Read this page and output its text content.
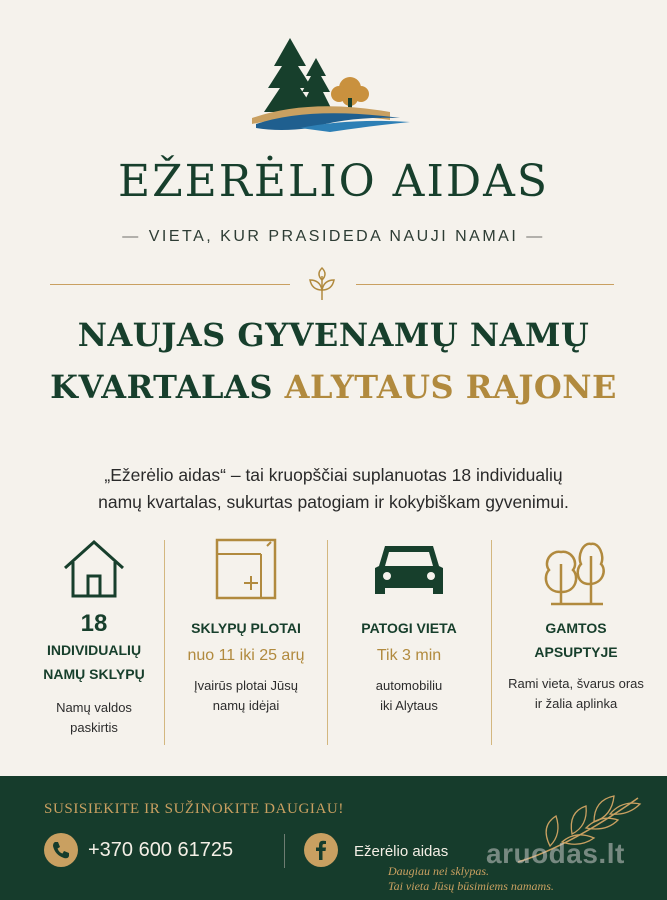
EŽERĖLIO AIDAS
— VIETA, KUR PRASIDEDA NAUJI NAMAI —
NAUJAS GYVENAMŲ NAMŲ
KVARTALAS ALYTAUS RAJONE
„Ežerėlio aidas“ – tai kruopščiai suplanuotas 18 individualių
namų kvartalas, sukurtas patogiam ir kokybiškam gyvenimui.
18
INDIVIDUALIŲ
NAMŲ SKLYPŲ
Namų valdos
paskirtis
SKLYPŲ PLOTAI
nuo 11 iki 25 arų
Įvairūs plotai Jūsų
namų idėjai
PATOGI VIETA
Tik 3 min
automobiliu
iki Alytaus
GAMTOS
APSUPTYJE
Rami vieta, švarus oras
ir žalia aplinka
SUSISIEKITE IR SUŽINOKITE DAUGIAU!
+370 600 61725	Ežerėlio aidas
Daugiau nei sklypas.
Tai vieta Jūsų būsimiems namams.
aruodas.lt
